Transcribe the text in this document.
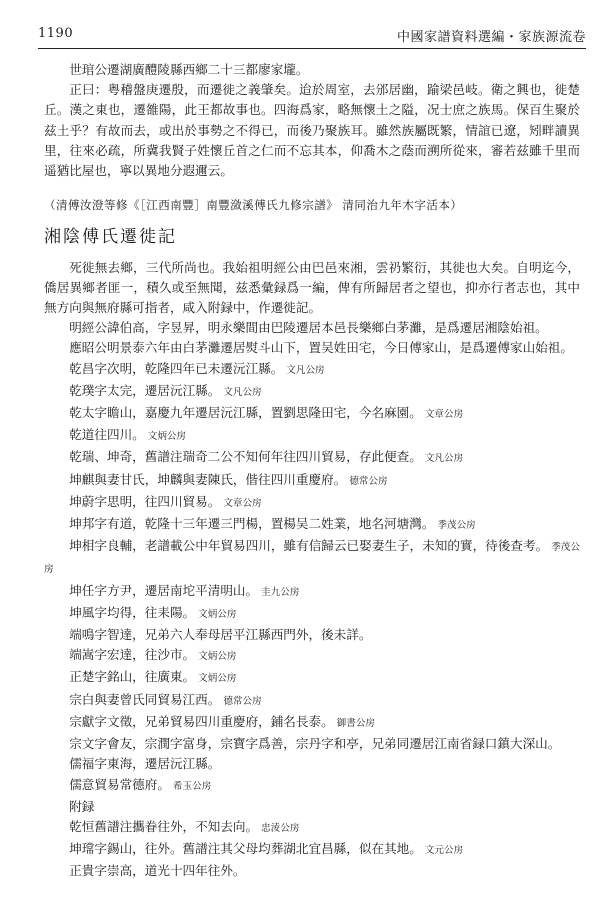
1190	中國家譜資料選編・家族源流卷

世琯公遷湖廣醴陵縣西鄉二十三都廖家壠。

正曰：粤稽盤庚遷殷，而遷徙之義肇矣。迨於周室，去邠居幽，踰梁邑岐。衛之興也，徙楚丘。漢之東也，遷雒陽，此王都故事也。四海爲家，略無懷土之隘，况士庶之族馬。保百生聚於兹土乎？有故而去，或出於事勢之不得已，而後乃聚族耳。雖然族屬既繁，情誼已遼，矧畔讀異里，往來必疏，所冀我賢子姓懷丘首之仁而不忘其本，仰喬木之蔭而溯所從來，審若兹雖千里而遥猶比屋也，寧以異地分遐邇云。

（清傅汝澄等修《［江西南豐］南豐潋溪傅氏九修宗譜》 清同治九年木字活本）

湘陰傅氏遷徙記

死徙無去鄉，三代所尚也。我始祖明經公由巴邑來湘，雲礽繁衍，其徙也大矣。自明迄今，僑居異鄉者匪一，積久或至無聞，兹悉彙録爲一編，俾有所歸居者之望也，抑亦行者志也，其中無方向與無府縣可指者，咸入附録中，作遷徙記。

明經公諱伯高，字昱昇，明永樂間由巴陵遷居本邑長樂鄉白茅灘，是爲遷居湘陰始祖。

應昭公明景泰六年由白茅灘遷居熨斗山下，置吴姓田宅，今日傅家山，是爲遷傅家山始祖。

乾昌字次明，乾隆四年已未遷沅江縣。 文凡公房

乾璞字太完，遷居沅江縣。 文凡公房

乾太字瞻山，嘉慶九年遷居沅江縣，置劉思隆田宅，今名麻園。 文章公房

乾道往四川。 文炳公房

乾瑞、坤奇，舊譜注瑞奇二公不知何年往四川貿易，存此便查。 文凡公房

坤麒與妻甘氏，坤麟與妻陳氏，偕往四川重慶府。 德常公房

坤蔚字思明，往四川貿易。 文章公房

坤邦字有道，乾隆十三年遷三門楊，置楊吴二姓業，地名河塘灣。 季茂公房

坤相字良輔，老譜載公中年貿易四川，雖有信歸云已娶妻生子，未知的實，待後查考。 季茂公房

坤任字方尹，遷居南坨平清明山。 圭九公房

坤風字均得，往耒陽。 文炳公房

端鳴字智達，兄弟六人奉母居平江縣西門外，後未詳。

端嵩字宏達，往沙市。 文炳公房

正楚字銘山，往廣東。 文炳公房

宗白與妻曾氏同貿易江西。 德常公房

宗獻字文徵，兄弟貿易四川重慶府，鋪名長泰。 御書公房

宗文字會友，宗潤字富身，宗寶字爲善，宗丹字和亭，兄弟同遷居江南省録口鎮大深山。

儒福字東海，遷居沅江縣。

儒意貿易常德府。 希玉公房

附録

乾恒舊譜注攜眷往外，不知去向。 忠淩公房

坤瑺字錫山，往外。舊譜注其父母均葬湖北宜昌縣，似在其地。 文元公房

正貴字崇高，道光十四年往外。
